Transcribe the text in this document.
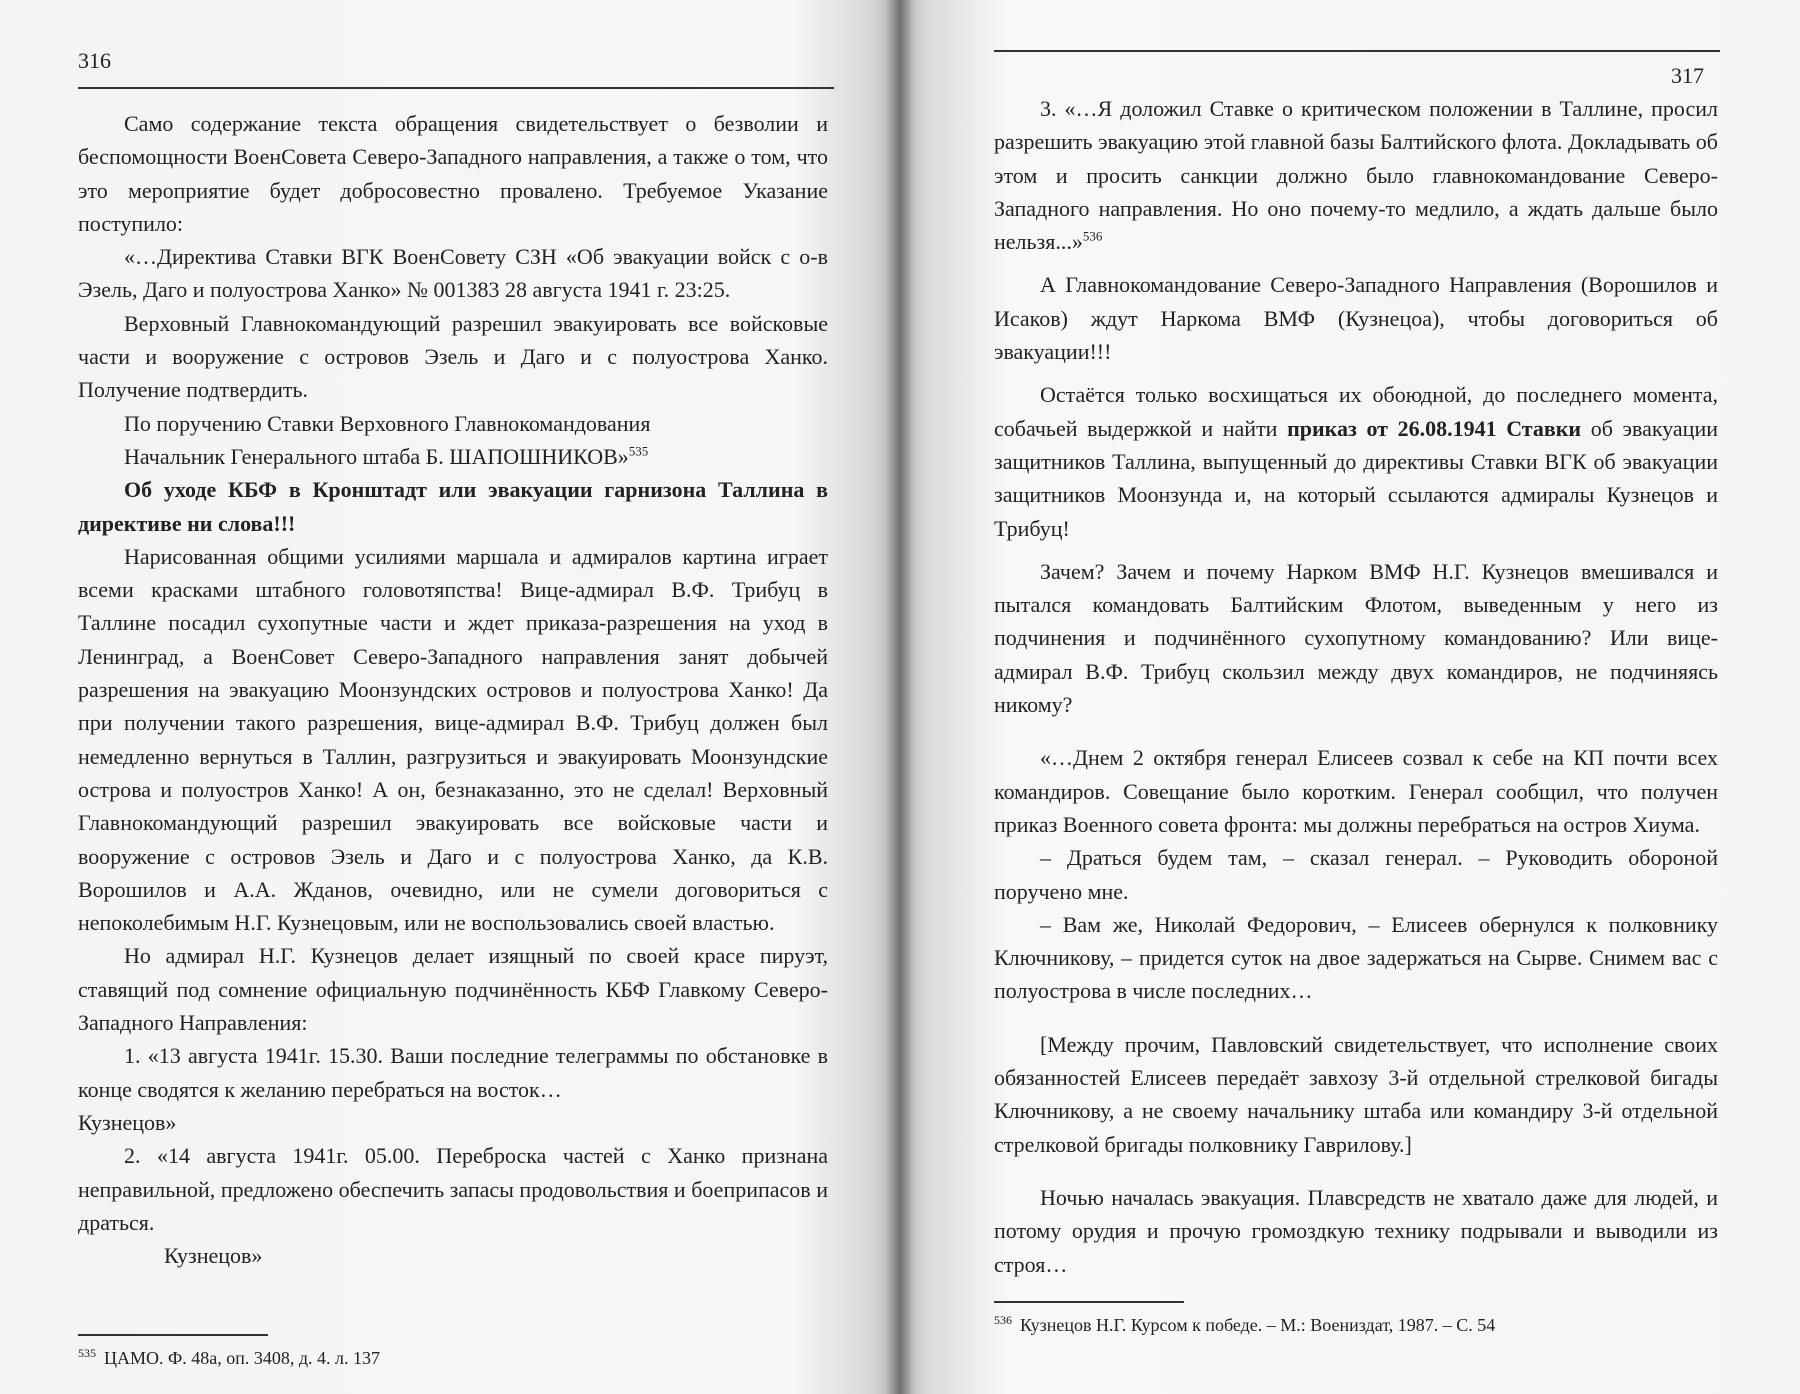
316

Само содержание текста обращения свидетельствует о безволии и беспомощности ВоенСовета Северо-Западного направления, а также о том, что это мероприятие будет добросовестно провалено. Требуемое Указание поступило:

«…Директива Ставки ВГК ВоенСовету СЗН «Об эвакуации войск с о-в Эзель, Даго и полуострова Ханко» № 001383 28 августа 1941 г. 23:25.

Верховный Главнокомандующий разрешил эвакуировать все войсковые части и вооружение с островов Эзель и Даго и с полуострова Ханко. Получение подтвердить.

По поручению Ставки Верховного Главнокомандования

Начальник Генерального штаба Б. ШАПОШНИКОВ»$^{535}$

Об уходе КБФ в Кронштадт или эвакуации гарнизона Таллина в директиве ни слова!!!

Нарисованная общими усилиями маршала и адмиралов картина играет всеми красками штабного головотяпства! Вице-адмирал В.Ф. Трибуц в Таллине посадил сухопутные части и ждет приказа-разрешения на уход в Ленинград, а ВоенСовет Северо-Западного направления занят добычей разрешения на эвакуацию Моонзундских островов и полуострова Ханко! Да при получении такого разрешения, вице-адмирал В.Ф. Трибуц должен был немедленно вернуться в Таллин, разгрузиться и эвакуировать Моонзундские острова и полуостров Ханко! А он, безнаказанно, это не сделал! Верховный Главнокомандующий разрешил эвакуировать все войсковые части и вооружение с островов Эзель и Даго и с полуострова Ханко, да К.В. Ворошилов и А.А. Жданов, очевидно, или не сумели договориться с непоколебимым Н.Г. Кузнецовым, или не воспользовались своей властью.

Но адмирал Н.Г. Кузнецов делает изящный по своей красе пируэт, ставящий под сомнение официальную подчинённость КБФ Главкому Северо-Западного Направления:

1. «13 августа 1941г. 15.30. Ваши последние телеграммы по обстановке в конце сводятся к желанию перебраться на восток…

Кузнецов»

2. «14 августа 1941г. 05.00. Переброска частей с Ханко признана неправильной, предложено обеспечить запасы продовольствия и боеприпасов и драться.

Кузнецов»

$^{535}$ ЦАМО. Ф. 48а, оп. 3408, д. 4. л. 137
317

3. «…Я доложил Ставке о критическом положении в Таллине, просил разрешить эвакуацию этой главной базы Балтийского флота. Докладывать об этом и просить санкции должно было главнокомандование Северо-Западного направления. Но оно почему-то медлило, а ждать дальше было нельзя...»$^{536}$

А Главнокомандование Северо-Западного Направления (Ворошилов и Исаков) ждут Наркома ВМФ (Кузнецоа), чтобы договориться об эвакуации!!!

Остаётся только восхищаться их обоюдной, до последнего момента, собачьей выдержкой и найти приказ от 26.08.1941 Ставки об эвакуации защитников Таллина, выпущенный до директивы Ставки ВГК об эвакуации защитников Моонзунда и, на который ссылаются адмиралы Кузнецов и Трибуц!

Зачем? Зачем и почему Нарком ВМФ Н.Г. Кузнецов вмешивался и пытался командовать Балтийским Флотом, выведенным у него из подчинения и подчинённого сухопутному командованию? Или вице-адмирал В.Ф. Трибуц скользил между двух командиров, не подчиняясь никому?

«…Днем 2 октября генерал Елисеев созвал к себе на КП почти всех командиров. Совещание было коротким. Генерал сообщил, что получен приказ Военного совета фронта: мы должны перебраться на остров Хиума.

– Драться будем там, – сказал генерал. – Руководить обороной поручено мне.

– Вам же, Николай Федорович, – Елисеев обернулся к полковнику Ключникову, – придется суток на двое задержаться на Сырве. Снимем вас с полуострова в числе последних…

[Между прочим, Павловский свидетельствует, что исполнение своих обязанностей Елисеев передаёт завхозу 3-й отдельной стрелковой бигады Ключникову, а не своему начальнику штаба или командиру 3-й отдельной стрелковой бригады полковнику Гаврилову.]

Ночью началась эвакуация. Плавсредств не хватало даже для людей, и потому орудия и прочую громоздкую технику подрывали и выводили из строя…

$^{536}$ Кузнецов Н.Г. Курсом к победе. – М.: Воениздат, 1987. – С. 54
